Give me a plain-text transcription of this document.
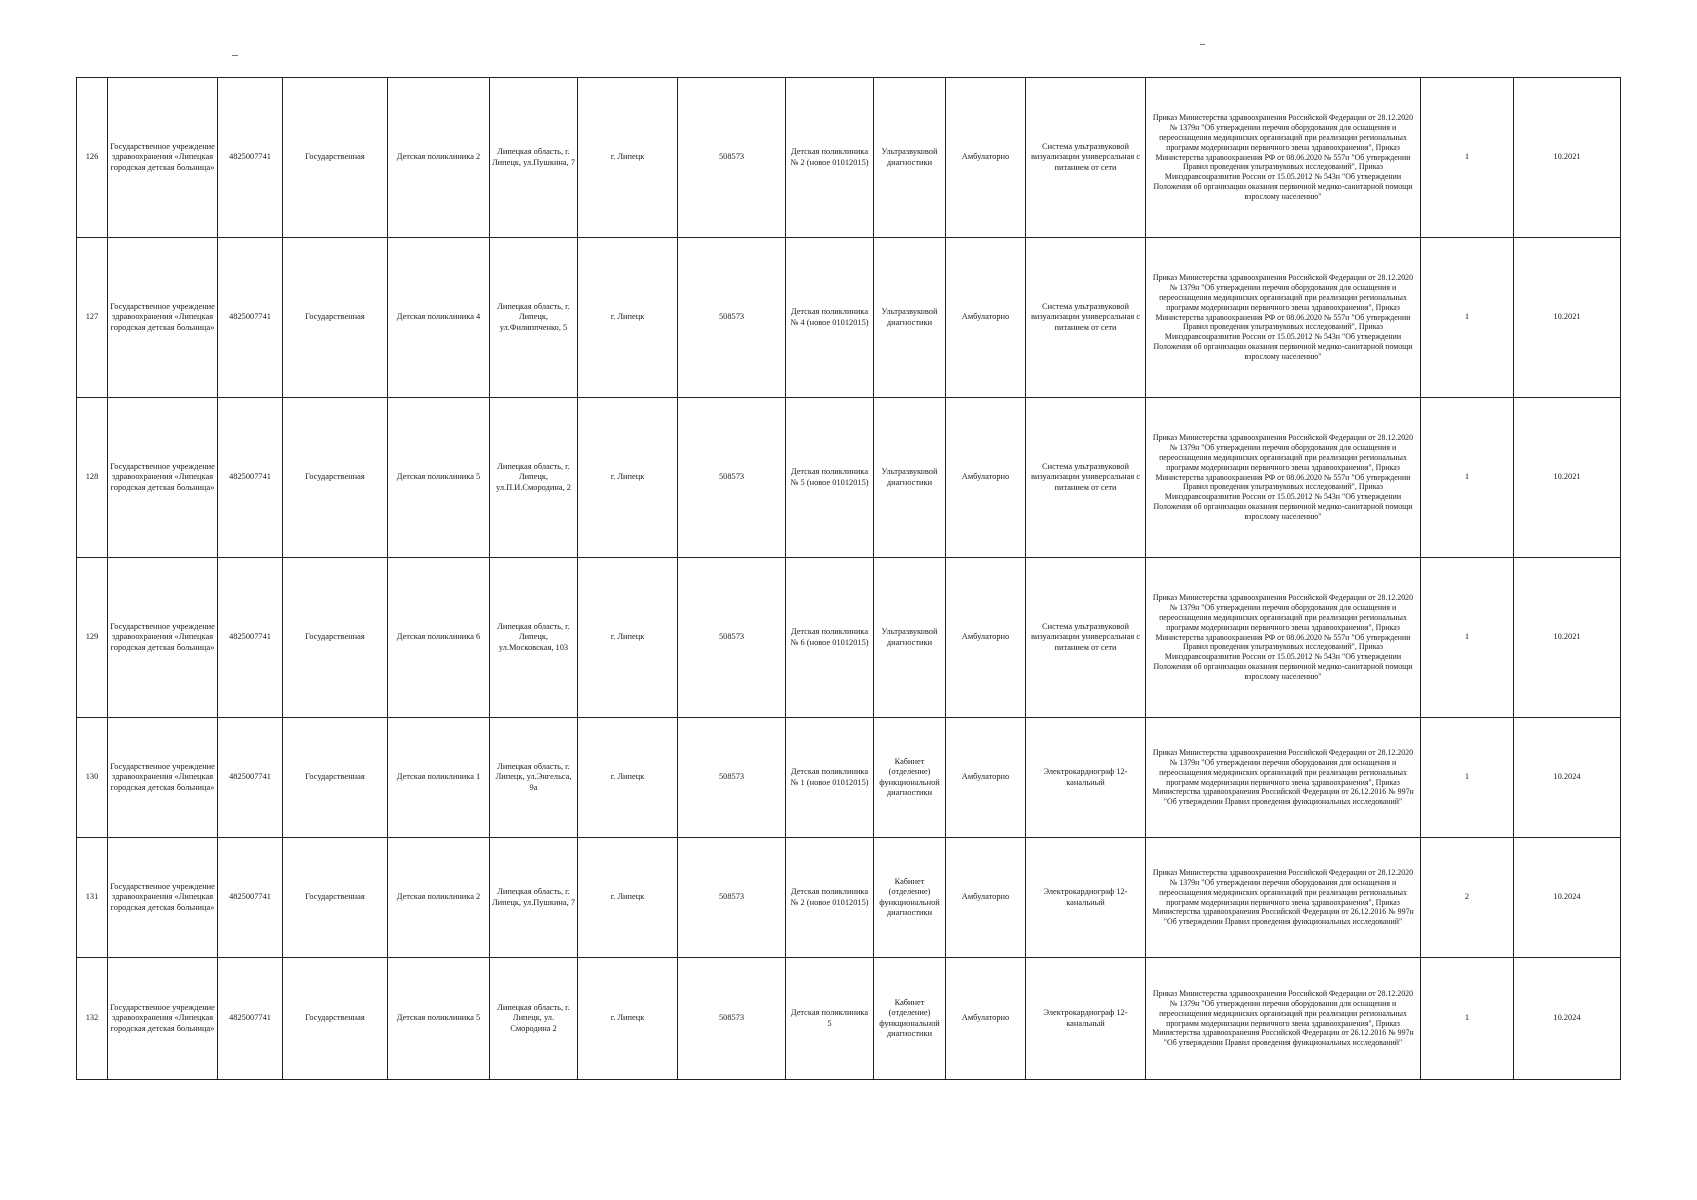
126	Государственное учреждение здравоохранения «Липецкая городская детская больница»	4825007741	Государственная	Детская поликлиника 2	Липецкая область, г. Липецк, ул.Пушкина, 7	г. Липецк	508573	Детская поликлиника № 2 (новое 01012015)	Ультразвуковой диагностики	Амбулаторно	Система ультразвуковой визуализации универсальная с питанием от сети	Приказ Министерства здравоохранения Российской Федерации от 28.12.2020 № 1379н "Об утверждении перечня оборудования для оснащения и переоснащения медицинских организаций при реализации региональных программ модернизации первичного звена здравоохранения", Приказ Министерства здравоохранения РФ от 08.06.2020 № 557н "Об утверждении Правил проведения ультразвуковых исследований", Приказ Минздравсоцразвития России от 15.05.2012 № 543н "Об утверждении Положения об организации оказания первичной медико-санитарной помощи взрослому населению"	1	10.2021
127	Государственное учреждение здравоохранения «Липецкая городская детская больница»	4825007741	Государственная	Детская поликлиника 4	Липецкая область, г. Липецк, ул.Филиппченко, 5	г. Липецк	508573	Детская поликлиника № 4 (новое 01012015)	Ультразвуковой диагностики	Амбулаторно	Система ультразвуковой визуализации универсальная с питанием от сети	Приказ Министерства здравоохранения Российской Федерации от 28.12.2020 № 1379н "Об утверждении перечня оборудования для оснащения и переоснащения медицинских организаций при реализации региональных программ модернизации первичного звена здравоохранения", Приказ Министерства здравоохранения РФ от 08.06.2020 № 557н "Об утверждении Правил проведения ультразвуковых исследований", Приказ Минздравсоцразвития России от 15.05.2012 № 543н "Об утверждении Положения об организации оказания первичной медико-санитарной помощи взрослому населению"	1	10.2021
128	Государственное учреждение здравоохранения «Липецкая городская детская больница»	4825007741	Государственная	Детская поликлиника 5	Липецкая область, г. Липецк, ул.П.И.Смородина, 2	г. Липецк	508573	Детская поликлиника № 5 (новое 01012015)	Ультразвуковой диагностики	Амбулаторно	Система ультразвуковой визуализации универсальная с питанием от сети	Приказ Министерства здравоохранения Российской Федерации от 28.12.2020 № 1379н "Об утверждении перечня оборудования для оснащения и переоснащения медицинских организаций при реализации региональных программ модернизации первичного звена здравоохранения", Приказ Министерства здравоохранения РФ от 08.06.2020 № 557н "Об утверждении Правил проведения ультразвуковых исследований", Приказ Минздравсоцразвития России от 15.05.2012 № 543н "Об утверждении Положения об организации оказания первичной медико-санитарной помощи взрослому населению"	1	10.2021
129	Государственное учреждение здравоохранения «Липецкая городская детская больница»	4825007741	Государственная	Детская поликлиника 6	Липецкая область, г. Липецк, ул.Московская, 103	г. Липецк	508573	Детская поликлиника № 6 (новое 01012015)	Ультразвуковой диагностики	Амбулаторно	Система ультразвуковой визуализации универсальная с питанием от сети	Приказ Министерства здравоохранения Российской Федерации от 28.12.2020 № 1379н "Об утверждении перечня оборудования для оснащения и переоснащения медицинских организаций при реализации региональных программ модернизации первичного звена здравоохранения", Приказ Министерства здравоохранения РФ от 08.06.2020 № 557н "Об утверждении Правил проведения ультразвуковых исследований", Приказ Минздравсоцразвития России от 15.05.2012 № 543н "Об утверждении Положения об организации оказания первичной медико-санитарной помощи взрослому населению"	1	10.2021
130	Государственное учреждение здравоохранения «Липецкая городская детская больница»	4825007741	Государственная	Детская поликлиника 1	Липецкая область, г. Липецк, ул.Энгельса, 9а	г. Липецк	508573	Детская поликлиника № 1 (новое 01012015)	Кабинет (отделение) функциональной диагностики	Амбулаторно	Электрокардиограф 12-канальный	Приказ Министерства здравоохранения Российской Федерации от 28.12.2020 № 1379н "Об утверждении перечня оборудования для оснащения и переоснащения медицинских организаций при реализации региональных программ модернизации первичного звена здравоохранения", Приказ Министерства здравоохранения Российской Федерации от 26.12.2016 № 997н "Об утверждении Правил проведения функциональных исследований"	1	10.2024
131	Государственное учреждение здравоохранения «Липецкая городская детская больница»	4825007741	Государственная	Детская поликлиника 2	Липецкая область, г. Липецк, ул.Пушкина, 7	г. Липецк	508573	Детская поликлиника № 2 (новое 01012015)	Кабинет (отделение) функциональной диагностики	Амбулаторно	Электрокардиограф 12-канальный	Приказ Министерства здравоохранения Российской Федерации от 28.12.2020 № 1379н "Об утверждении перечня оборудования для оснащения и переоснащения медицинских организаций при реализации региональных программ модернизации первичного звена здравоохранения", Приказ Министерства здравоохранения Российской Федерации от 26.12.2016 № 997н "Об утверждении Правил проведения функциональных исследований"	2	10.2024
132	Государственное учреждение здравоохранения «Липецкая городская детская больница»	4825007741	Государственная	Детская поликлиника 5	Липецкая область, г. Липецк, ул. Смородина 2	г. Липецк	508573	Детская поликлиника 5	Кабинет (отделение) функциональной диагностики	Амбулаторно	Электрокардиограф 12-канальный	Приказ Министерства здравоохранения Российской Федерации от 28.12.2020 № 1379н "Об утверждении перечня оборудования для оснащения и переоснащения медицинских организаций при реализации региональных программ модернизации первичного звена здравоохранения", Приказ Министерства здравоохранения Российской Федерации от 26.12.2016 № 997н "Об утверждении Правил проведения функциональных исследований"	1	10.2024
